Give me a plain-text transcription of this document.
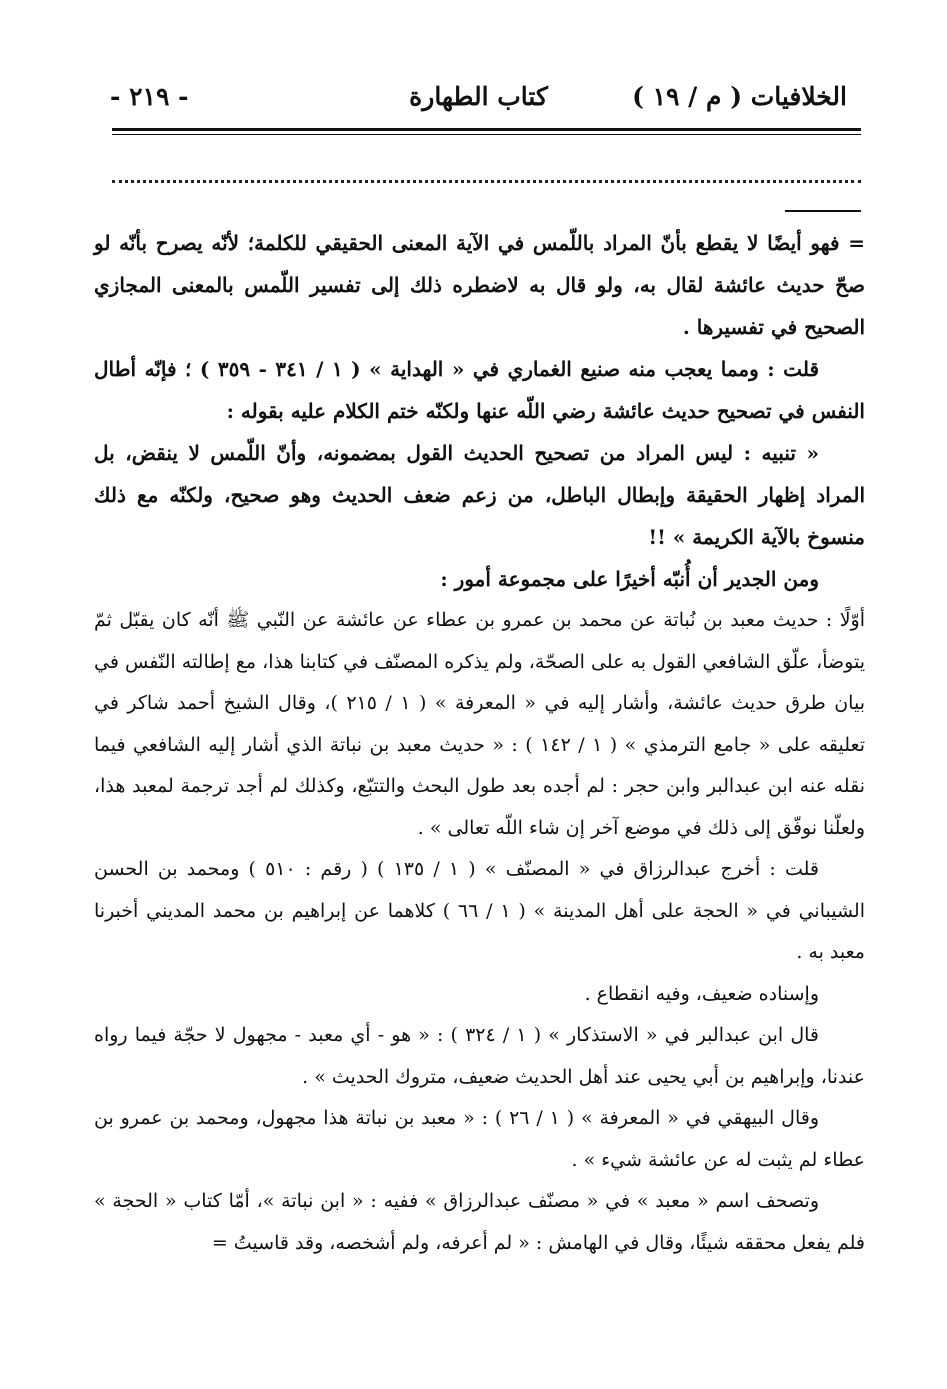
الخلافيات ( م / ١٩ )
كتاب الطهارة
- ٢١٩ -

= فهو أيضًا لا يقطع بأنّ المراد باللّمس في الآية المعنى الحقيقي للكلمة؛ لأنّه يصرح بأنّه لو صحّ حديث عائشة لقال به، ولو قال به لاضطره ذلك إلى تفسير اللّمس بالمعنى المجازي الصحيح في تفسيرها .

قلت : ومما يعجب منه صنيع الغماري في « الهداية » ( ١ / ٣٤١ - ٣٥٩ ) ؛ فإنّه أطال النفس في تصحيح حديث عائشة رضي اللّه عنها ولكنّه ختم الكلام عليه بقوله :

« تنبيه : ليس المراد من تصحيح الحديث القول بمضمونه، وأنّ اللّمس لا ينقض، بل المراد إظهار الحقيقة وإبطال الباطل، من زعم ضعف الحديث وهو صحيح، ولكنّه مع ذلك منسوخ بالآية الكريمة » !!

ومن الجدير أن أُنبّه أخيرًا على مجموعة أمور :

أوّلًا : حديث معبد بن نُباتة عن محمد بن عمرو بن عطاء عن عائشة عن النّبي ﷺ أنّه كان يقبّل ثمّ يتوضأ، علّق الشافعي القول به على الصحّة، ولم يذكره المصنّف في كتابنا هذا، مع إطالته النّفس في بيان طرق حديث عائشة، وأشار إليه في « المعرفة » ( ١ / ٢١٥ )، وقال الشيخ أحمد شاكر في تعليقه على « جامع الترمذي » ( ١ / ١٤٢ ) : « حديث معبد بن نباتة الذي أشار إليه الشافعي فيما نقله عنه ابن عبدالبر وابن حجر : لم أجده بعد طول البحث والتتبّع، وكذلك لم أجد ترجمة لمعبد هذا، ولعلّنا نوفّق إلى ذلك في موضع آخر إن شاء اللّه تعالى » .

قلت : أخرج عبدالرزاق في « المصنّف » ( ١ / ١٣٥ ) ( رقم : ٥١٠ ) ومحمد بن الحسن الشيباني في « الحجة على أهل المدينة » ( ١ / ٦٦ ) كلاهما عن إبراهيم بن محمد المديني أخبرنا معبد به .

وإسناده ضعيف، وفيه انقطاع .

قال ابن عبدالبر في « الاستذكار » ( ١ / ٣٢٤ ) : « هو - أي معبد - مجهول لا حجّة فيما رواه عندنا، وإبراهيم بن أبي يحيى عند أهل الحديث ضعيف، متروك الحديث » .

وقال البيهقي في « المعرفة » ( ١ / ٢٦ ) : « معبد بن نباتة هذا مجهول، ومحمد بن عمرو بن عطاء لم يثبت له عن عائشة شيء » .

وتصحف اسم « معبد » في « مصنّف عبدالرزاق » ففيه : « ابن نباتة »، أمّا كتاب « الحجة » فلم يفعل محققه شيئًا، وقال في الهامش : « لم أعرفه، ولم أشخصه، وقد قاسيتُ =
